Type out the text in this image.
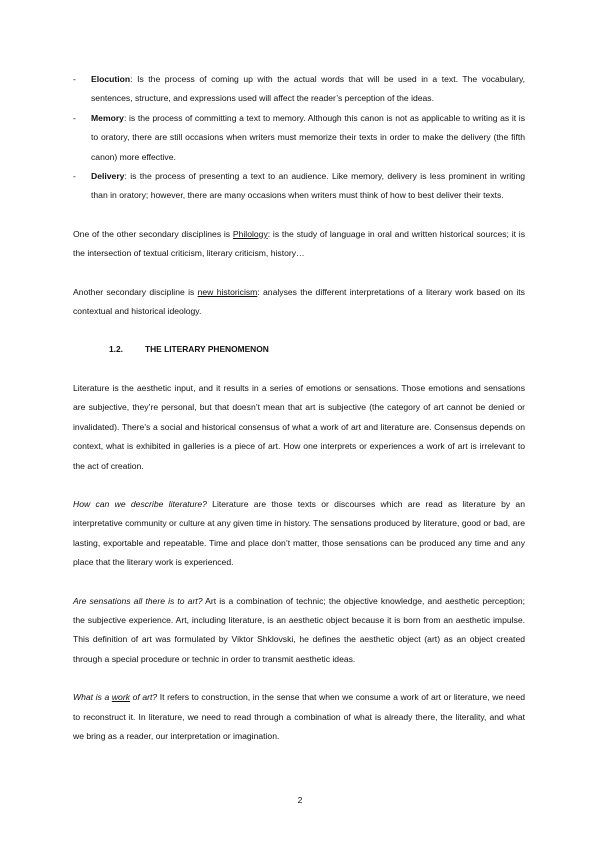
- Elocution: Is the process of coming up with the actual words that will be used in a text. The vocabulary, sentences, structure, and expressions used will affect the reader’s perception of the ideas.
- Memory: is the process of committing a text to memory. Although this canon is not as applicable to writing as it is to oratory, there are still occasions when writers must memorize their texts in order to make the delivery (the fifth canon) more effective.
- Delivery: is the process of presenting a text to an audience. Like memory, delivery is less prominent in writing than in oratory; however, there are many occasions when writers must think of how to best deliver their texts.

One of the other secondary disciplines is Philology: is the study of language in oral and written historical sources; it is the intersection of textual criticism, literary criticism, history…

Another secondary discipline is new historicism: analyses the different interpretations of a literary work based on its contextual and historical ideology.

1.2.	THE LITERARY PHENOMENON

Literature is the aesthetic input, and it results in a series of emotions or sensations. Those emotions and sensations are subjective, they’re personal, but that doesn’t mean that art is subjective (the category of art cannot be denied or invalidated). There’s a social and historical consensus of what a work of art and literature are. Consensus depends on context, what is exhibited in galleries is a piece of art. How one interprets or experiences a work of art is irrelevant to the act of creation.

How can we describe literature? Literature are those texts or discourses which are read as literature by an interpretative community or culture at any given time in history. The sensations produced by literature, good or bad, are lasting, exportable and repeatable. Time and place don’t matter, those sensations can be produced any time and any place that the literary work is experienced.

Are sensations all there is to art? Art is a combination of technic; the objective knowledge, and aesthetic perception; the subjective experience. Art, including literature, is an aesthetic object because it is born from an aesthetic impulse. This definition of art was formulated by Viktor Shklovski, he defines the aesthetic object (art) as an object created through a special procedure or technic in order to transmit aesthetic ideas.

What is a work of art? It refers to construction, in the sense that when we consume a work of art or literature, we need to reconstruct it. In literature, we need to read through a combination of what is already there, the literality, and what we bring as a reader, our interpretation or imagination.

2
